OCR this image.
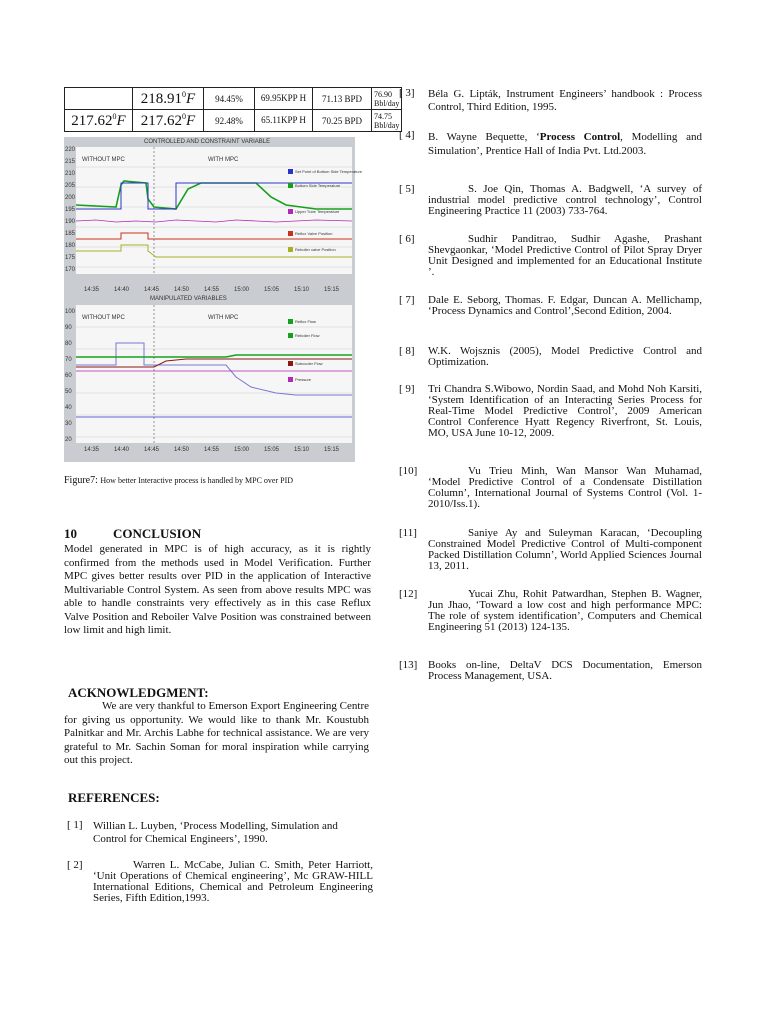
	218.91$^0$F	94.45%	69.95KPP H	71.13 BPD	76.90 Bbl/day
217.62$^0$F	217.62$^0$F	92.48%	65.11KPP H	70.25 BPD	74.75 Bbl/day
CONTROLLED AND CONSTRAINT VARIABLE
WITHOUT MPC	WITH MPC
Set Point of Bottom Side Temperature
Bottom Side Temperature
Upper Tube Temperature
Reflux Valve Position
Reboiler valve Position
220
215
210
205
200
195
190
185
180
175
170
14:35 14:40 14:45 14:50 14:55 15:00 15:05 15:10 15:15
MANIPULATED VARIABLES
WITHOUT MPC	WITH MPC
Reflux Flow
Reboiler Flow
Subcooler Flow
Pressure
100
90
80
70
60
50
40
30
20
14:35 14:40 14:45 14:50 14:55 15:00 15:05 15:10 15:15
Figure7: How better Interactive process is handled by MPC over PID
10	CONCLUSION
Model generated in MPC is of high accuracy, as it is rightly confirmed from the methods used in Model Verification. Further MPC gives better results over PID in the application of Interactive Multivariable Control System. As seen from above results MPC was able to handle constraints very effectively as in this case Reflux Valve Position and Reboiler Valve Position was constrained between low limit and high limit.
ACKNOWLEDGMENT:
We are very thankful to Emerson Export Engineering Centre for giving us opportunity. We would like to thank Mr. Koustubh Palnitkar and Mr. Archis Labhe for technical assistance. We are very grateful to Mr. Sachin Soman for moral inspiration while carrying out this project.
REFERENCES:
[ 1] Willian L. Luyben, ‘Process Modelling, Simulation and Control for Chemical Engineers’, 1990.
[ 2]	Warren L. McCabe, Julian C. Smith, Peter Harriott, ‘Unit Operations of Chemical engineering’, Mc GRAW-HILL International Editions, Chemical and Petroleum Engineering Series, Fifth Edition,1993.
[ 3] Béla G. Lipták, Instrument Engineers’ handbook : Process Control, Third Edition, 1995.
[ 4] B. Wayne Bequette, ‘Process Control, Modelling and Simulation’, Prentice Hall of India Pvt. Ltd.2003.
[ 5]	S. Joe Qin, Thomas A. Badgwell, ‘A survey of industrial model predictive control technology’, Control Engineering Practice 11 (2003) 733-764.
[ 6]	Sudhir Panditrao, Sudhir Agashe, Prashant Shevgaonkar, ‘Model Predictive Control of Pilot Spray Dryer Unit Designed and implemented for an Educational Institute ’.
[ 7] Dale E. Seborg, Thomas. F. Edgar, Duncan A. Mellichamp, ‘Process Dynamics and Control’,Second Edition, 2004.
[ 8] W.K. Wojsznis (2005), Model Predictive Control and Optimization.
[ 9] Tri Chandra S.Wibowo, Nordin Saad, and Mohd Noh Karsiti, ‘System Identification of an Interacting Series Process for Real-Time Model Predictive Control’, 2009 American Control Conference Hyatt Regency Riverfront, St. Louis, MO, USA June 10-12, 2009.
[10]	Vu Trieu Minh, Wan Mansor Wan Muhamad, ‘Model Predictive Control of a Condensate Distillation Column’, International Journal of Systems Control (Vol. 1-2010/Iss.1).
[11]	Saniye Ay and Suleyman Karacan, ‘Decoupling Constrained Model Predictive Control of Multi-component Packed Distillation Column’, World Applied Sciences Journal 13, 2011.
[12]	Yucai Zhu, Rohit Patwardhan, Stephen B. Wagner, Jun Jhao, ‘Toward a low cost and high performance MPC: The role of system identification’, Computers and Chemical Engineering 51 (2013) 124-135.
[13] Books on-line, DeltaV DCS Documentation, Emerson Process Management, USA.
